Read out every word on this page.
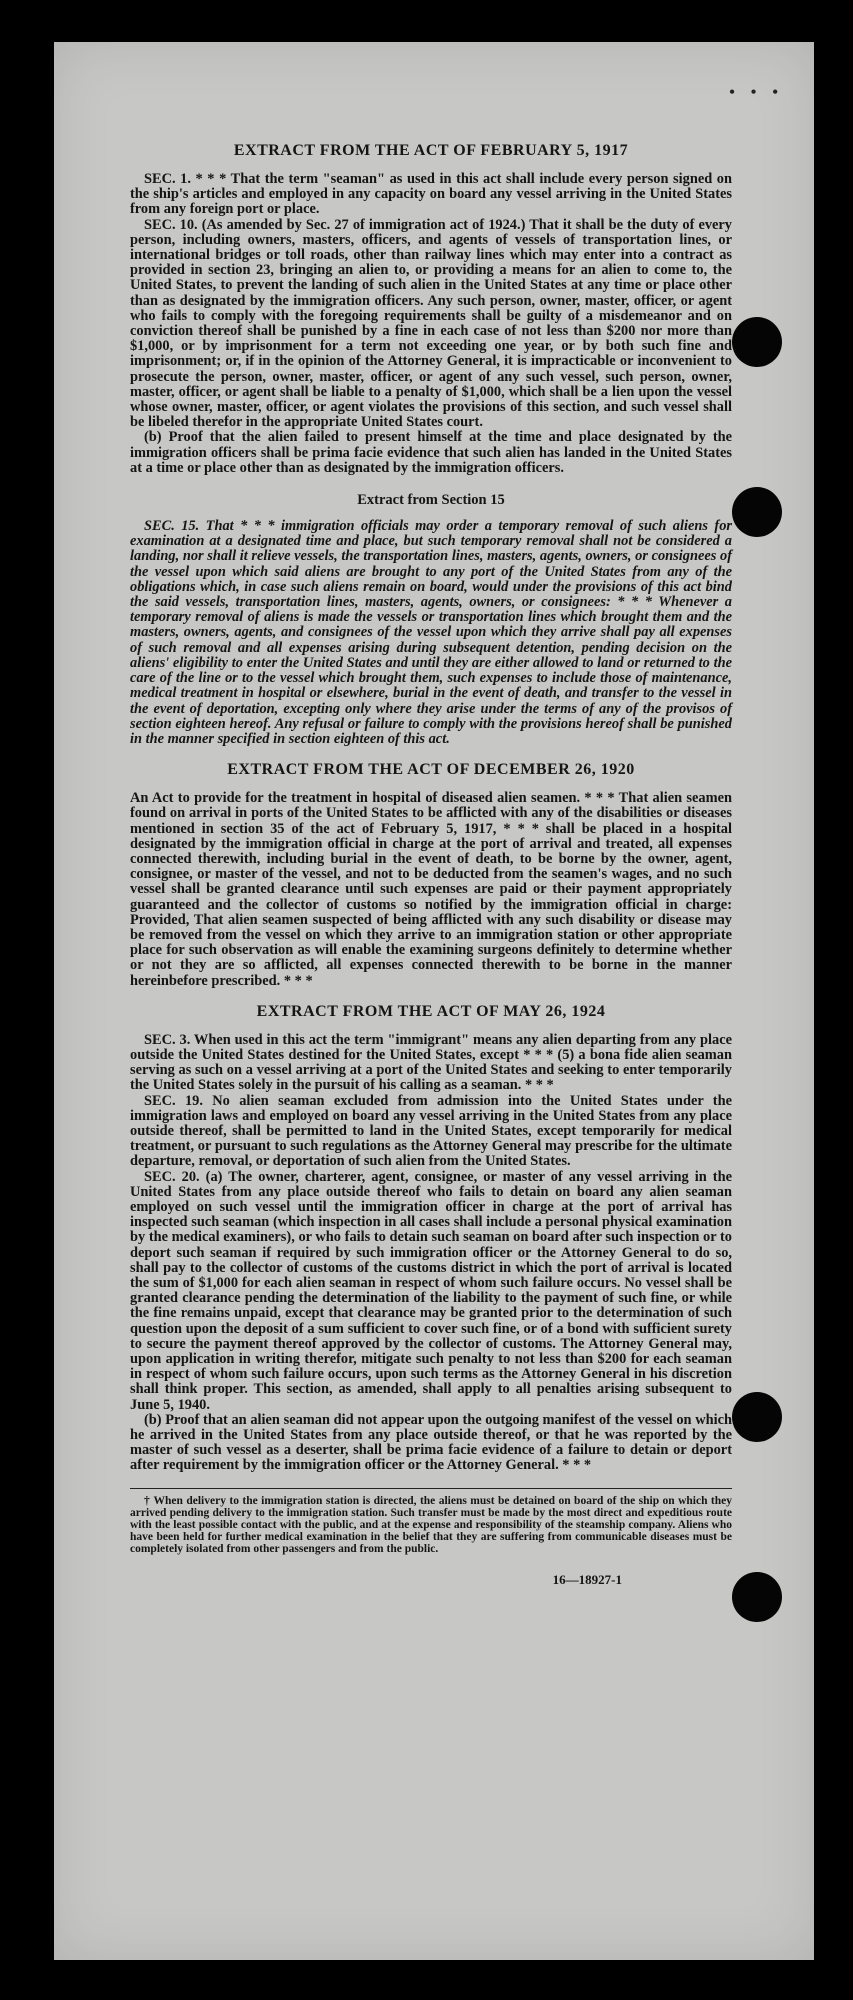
• • •
EXTRACT FROM THE ACT OF FEBRUARY 5, 1917

SEC. 1. * * * That the term "seaman" as used in this act shall include every person signed on the ship's articles and employed in any capacity on board any vessel arriving in the United States from any foreign port or place.

SEC. 10. (As amended by Sec. 27 of immigration act of 1924.) That it shall be the duty of every person, including owners, masters, officers, and agents of vessels of transportation lines, or international bridges or toll roads, other than railway lines which may enter into a contract as provided in section 23, bringing an alien to, or providing a means for an alien to come to, the United States, to prevent the landing of such alien in the United States at any time or place other than as designated by the immigration officers. Any such person, owner, master, officer, or agent who fails to comply with the foregoing requirements shall be guilty of a misdemeanor and on conviction thereof shall be punished by a fine in each case of not less than $200 nor more than $1,000, or by imprisonment for a term not exceeding one year, or by both such fine and imprisonment; or, if in the opinion of the Attorney General, it is impracticable or inconvenient to prosecute the person, owner, master, officer, or agent of any such vessel, such person, owner, master, officer, or agent shall be liable to a penalty of $1,000, which shall be a lien upon the vessel whose owner, master, officer, or agent violates the provisions of this section, and such vessel shall be libeled therefor in the appropriate United States court.

(b) Proof that the alien failed to present himself at the time and place designated by the immigration officers shall be prima facie evidence that such alien has landed in the United States at a time or place other than as designated by the immigration officers.

Extract from Section 15

SEC. 15. That * * * immigration officials may order a temporary removal of such aliens for examination at a designated time and place, but such temporary removal shall not be considered a landing, nor shall it relieve vessels, the transportation lines, masters, agents, owners, or consignees of the vessel upon which said aliens are brought to any port of the United States from any of the obligations which, in case such aliens remain on board, would under the provisions of this act bind the said vessels, transportation lines, masters, agents, owners, or consignees: * * * Whenever a temporary removal of aliens is made the vessels or transportation lines which brought them and the masters, owners, agents, and consignees of the vessel upon which they arrive shall pay all expenses of such removal and all expenses arising during subsequent detention, pending decision on the aliens' eligibility to enter the United States and until they are either allowed to land or returned to the care of the line or to the vessel which brought them, such expenses to include those of maintenance, medical treatment in hospital or elsewhere, burial in the event of death, and transfer to the vessel in the event of deportation, excepting only where they arise under the terms of any of the provisos of section eighteen hereof. Any refusal or failure to comply with the provisions hereof shall be punished in the manner specified in section eighteen of this act.

EXTRACT FROM THE ACT OF DECEMBER 26, 1920

An Act to provide for the treatment in hospital of diseased alien seamen. * * * That alien seamen found on arrival in ports of the United States to be afflicted with any of the disabilities or diseases mentioned in section 35 of the act of February 5, 1917, * * * shall be placed in a hospital designated by the immigration official in charge at the port of arrival and treated, all expenses connected therewith, including burial in the event of death, to be borne by the owner, agent, consignee, or master of the vessel, and not to be deducted from the seamen's wages, and no such vessel shall be granted clearance until such expenses are paid or their payment appropriately guaranteed and the collector of customs so notified by the immigration official in charge: Provided, That alien seamen suspected of being afflicted with any such disability or disease may be removed from the vessel on which they arrive to an immigration station or other appropriate place for such observation as will enable the examining surgeons definitely to determine whether or not they are so afflicted, all expenses connected therewith to be borne in the manner hereinbefore prescribed. * * *

EXTRACT FROM THE ACT OF MAY 26, 1924

SEC. 3. When used in this act the term "immigrant" means any alien departing from any place outside the United States destined for the United States, except * * * (5) a bona fide alien seaman serving as such on a vessel arriving at a port of the United States and seeking to enter temporarily the United States solely in the pursuit of his calling as a seaman. * * *

SEC. 19. No alien seaman excluded from admission into the United States under the immigration laws and employed on board any vessel arriving in the United States from any place outside thereof, shall be permitted to land in the United States, except temporarily for medical treatment, or pursuant to such regulations as the Attorney General may prescribe for the ultimate departure, removal, or deportation of such alien from the United States.

SEC. 20. (a) The owner, charterer, agent, consignee, or master of any vessel arriving in the United States from any place outside thereof who fails to detain on board any alien seaman employed on such vessel until the immigration officer in charge at the port of arrival has inspected such seaman (which inspection in all cases shall include a personal physical examination by the medical examiners), or who fails to detain such seaman on board after such inspection or to deport such seaman if required by such immigration officer or the Attorney General to do so, shall pay to the collector of customs of the customs district in which the port of arrival is located the sum of $1,000 for each alien seaman in respect of whom such failure occurs. No vessel shall be granted clearance pending the determination of the liability to the payment of such fine, or while the fine remains unpaid, except that clearance may be granted prior to the determination of such question upon the deposit of a sum sufficient to cover such fine, or of a bond with sufficient surety to secure the payment thereof approved by the collector of customs. The Attorney General may, upon application in writing therefor, mitigate such penalty to not less than $200 for each seaman in respect of whom such failure occurs, upon such terms as the Attorney General in his discretion shall think proper. This section, as amended, shall apply to all penalties arising subsequent to June 5, 1940.

(b) Proof that an alien seaman did not appear upon the outgoing manifest of the vessel on which he arrived in the United States from any place outside thereof, or that he was reported by the master of such vessel as a deserter, shall be prima facie evidence of a failure to detain or deport after requirement by the immigration officer or the Attorney General. * * *

† When delivery to the immigration station is directed, the aliens must be detained on board of the ship on which they arrived pending delivery to the immigration station. Such transfer must be made by the most direct and expeditious route with the least possible contact with the public, and at the expense and responsibility of the steamship company. Aliens who have been held for further medical examination in the belief that they are suffering from communicable diseases must be completely isolated from other passengers and from the public.

16—18927-1
